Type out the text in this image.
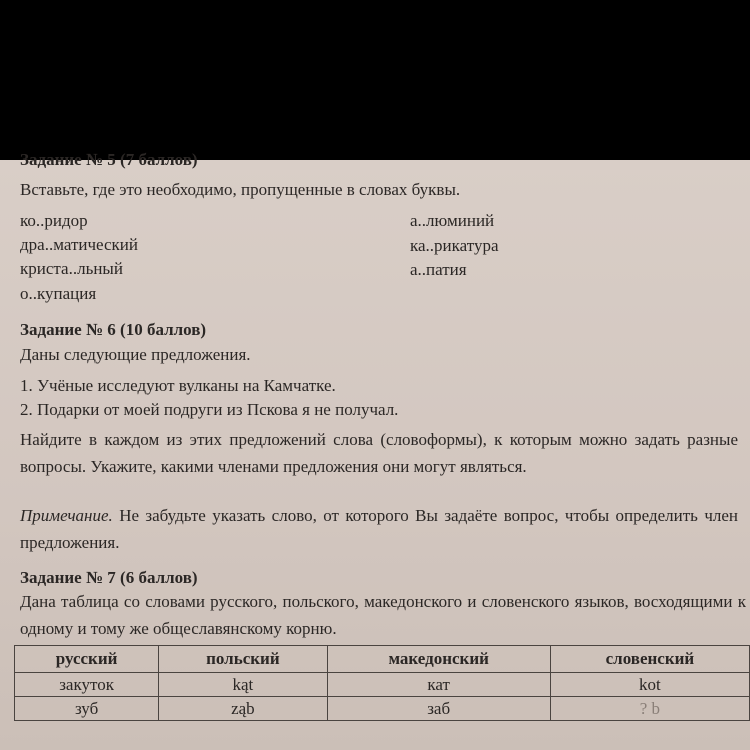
Задание № 5 (7 баллов)
Вставьте, где это необходимо, пропущенные в словах буквы.
ко..ридор
дра..матический
криста..льный
о..купация
а..люминий
ка..рикатура
а..патия
Задание № 6 (10 баллов)
Даны следующие предложения.
1. Учёные исследуют вулканы на Камчатке.
2. Подарки от моей подруги из Пскова я не получал.
Найдите в каждом из этих предложений слова (словоформы), к которым можно задать разные вопросы. Укажите, какими членами предложения они могут являться.
Примечание. Не забудьте указать слово, от которого Вы задаёте вопрос, чтобы определить член предложения.
Задание № 7 (6 баллов)
Дана таблица со словами русского, польского, македонского и словенского языков, восходящими к одному и тому же общеславянскому корню.
русский	польский	македонский	словенский
закуток	kąt	кат	kot
зуб	ząb	заб	? b
